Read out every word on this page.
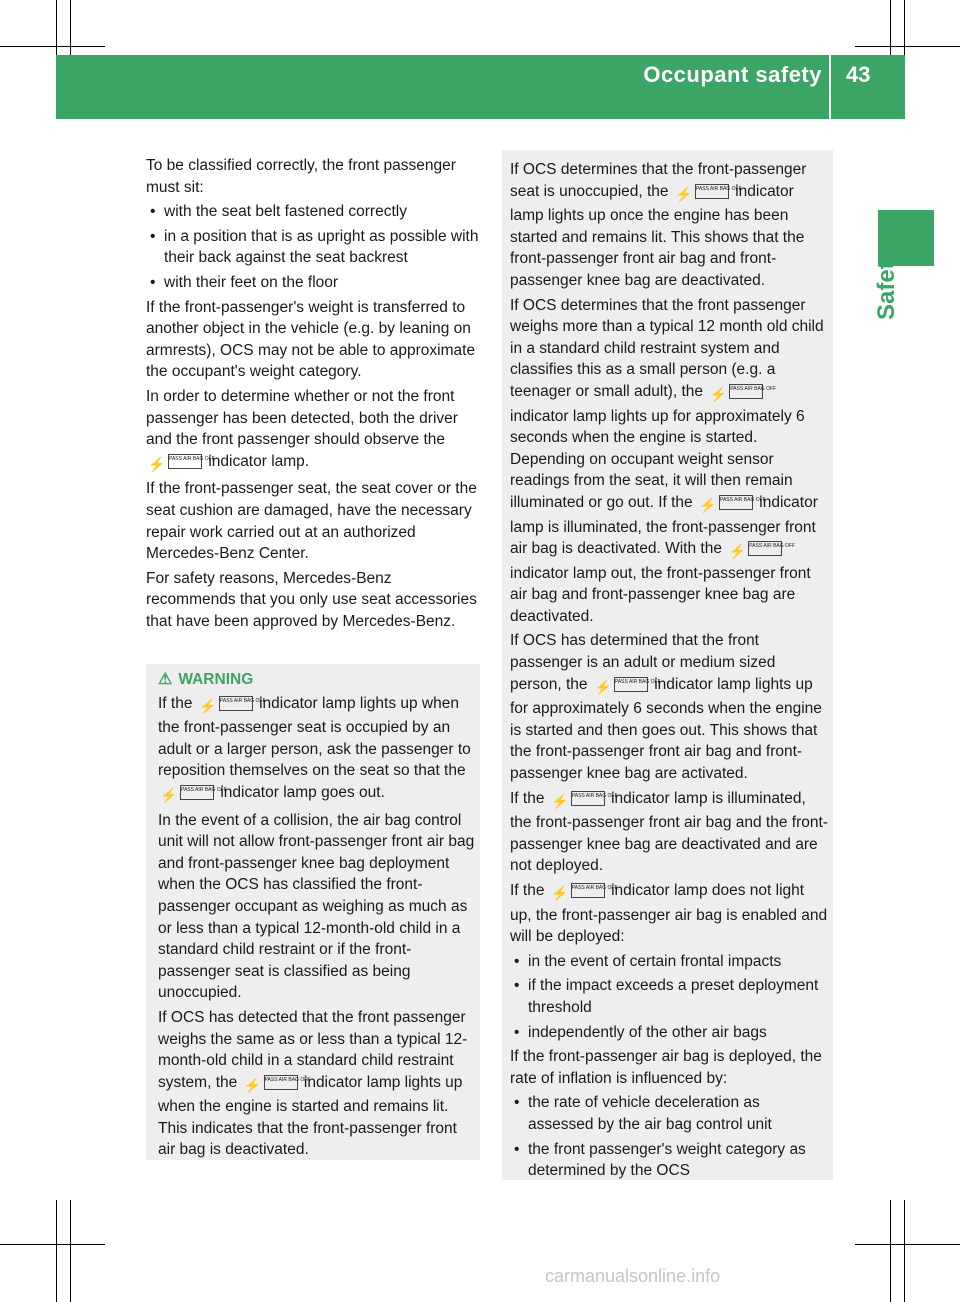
Occupant safety 43
Safety

To be classified correctly, the front passenger must sit:

• with the seat belt fastened correctly
• in a position that is as upright as possible with their back against the seat backrest
• with their feet on the floor

If the front-passenger's weight is transferred to another object in the vehicle (e.g. by leaning on armrests), OCS may not be able to approximate the occupant's weight category.

In order to determine whether or not the front passenger has been detected, both the driver and the front passenger should observe the ⚡ PASS AIR BAG OFF indicator lamp.

If the front-passenger seat, the seat cover or the seat cushion are damaged, have the necessary repair work carried out at an authorized Mercedes-Benz Center.

For safety reasons, Mercedes-Benz recommends that you only use seat accessories that have been approved by Mercedes-Benz.

⚠ WARNING

If the ⚡ PASS AIR BAG OFF indicator lamp lights up when the front-passenger seat is occupied by an adult or a larger person, ask the passenger to reposition themselves on the seat so that the ⚡ PASS AIR BAG OFF indicator lamp goes out.

In the event of a collision, the air bag control unit will not allow front-passenger front air bag and front-passenger knee bag deployment when the OCS has classified the front-passenger occupant as weighing as much as or less than a typical 12-month-old child in a standard child restraint or if the front-passenger seat is classified as being unoccupied.

If OCS has detected that the front passenger weighs the same as or less than a typical 12-month-old child in a standard child restraint system, the ⚡ PASS AIR BAG OFF indicator lamp lights up when the engine is started and remains lit. This indicates that the front-passenger front air bag is deactivated.

If OCS determines that the front-passenger seat is unoccupied, the ⚡ PASS AIR BAG OFF indicator lamp lights up once the engine has been started and remains lit. This shows that the front-passenger front air bag and front-passenger knee bag are deactivated.

If OCS determines that the front passenger weighs more than a typical 12 month old child in a standard child restraint system and classifies this as a small person (e.g. a teenager or small adult), the ⚡ PASS AIR BAG OFF indicator lamp lights up for approximately 6 seconds when the engine is started. Depending on occupant weight sensor readings from the seat, it will then remain illuminated or go out. If the ⚡ PASS AIR BAG OFF indicator lamp is illuminated, the front-passenger front air bag is deactivated. With the ⚡ PASS AIR BAG OFF indicator lamp out, the front-passenger front air bag and front-passenger knee bag are deactivated.

If OCS has determined that the front passenger is an adult or medium sized person, the ⚡ PASS AIR BAG OFF indicator lamp lights up for approximately 6 seconds when the engine is started and then goes out. This shows that the front-passenger front air bag and front-passenger knee bag are activated.

If the ⚡ PASS AIR BAG OFF indicator lamp is illuminated, the front-passenger front air bag and the front-passenger knee bag are deactivated and are not deployed.

If the ⚡ PASS AIR BAG OFF indicator lamp does not light up, the front-passenger air bag is enabled and will be deployed:

• in the event of certain frontal impacts
• if the impact exceeds a preset deployment threshold
• independently of the other air bags

If the front-passenger air bag is deployed, the rate of inflation is influenced by:

• the rate of vehicle deceleration as assessed by the air bag control unit
• the front passenger's weight category as determined by the OCS
carmanualsonline.info
